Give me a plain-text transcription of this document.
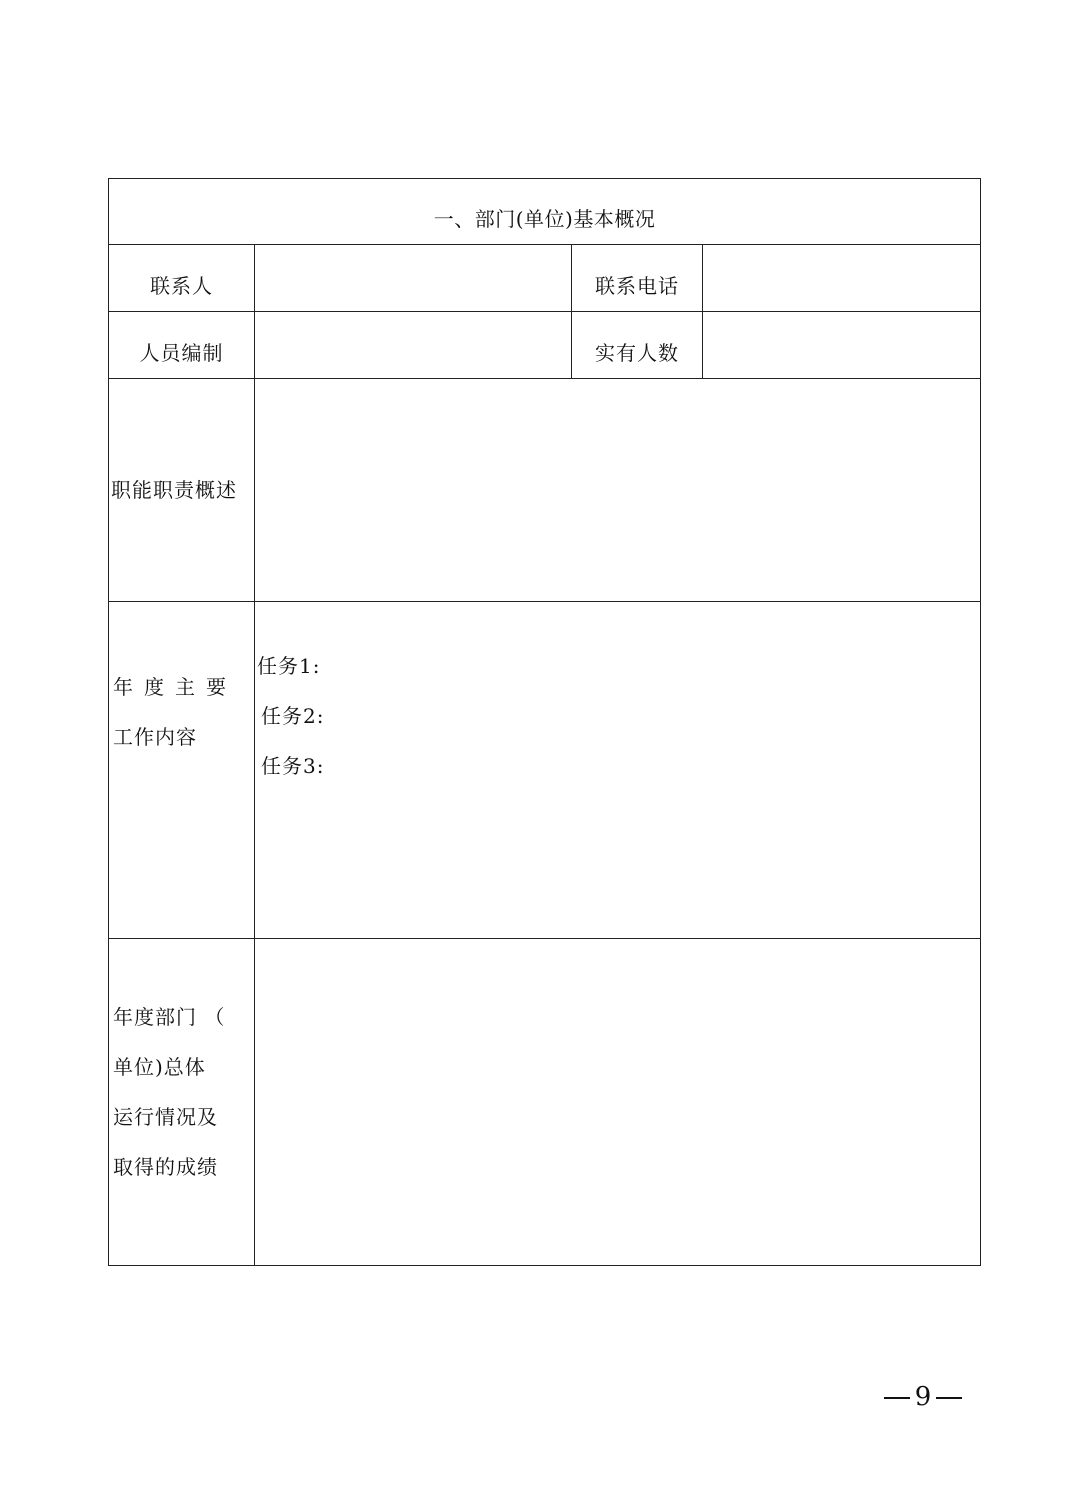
一、部门(单位)基本概况			
联系人		联系电话	
人员编制		实有人数	
职能职责概述			

年度主要
工作内容	任务1:
任务2:
任务3:		

年度部门 （
单位)总体
运行情况及
取得的成绩			

9
